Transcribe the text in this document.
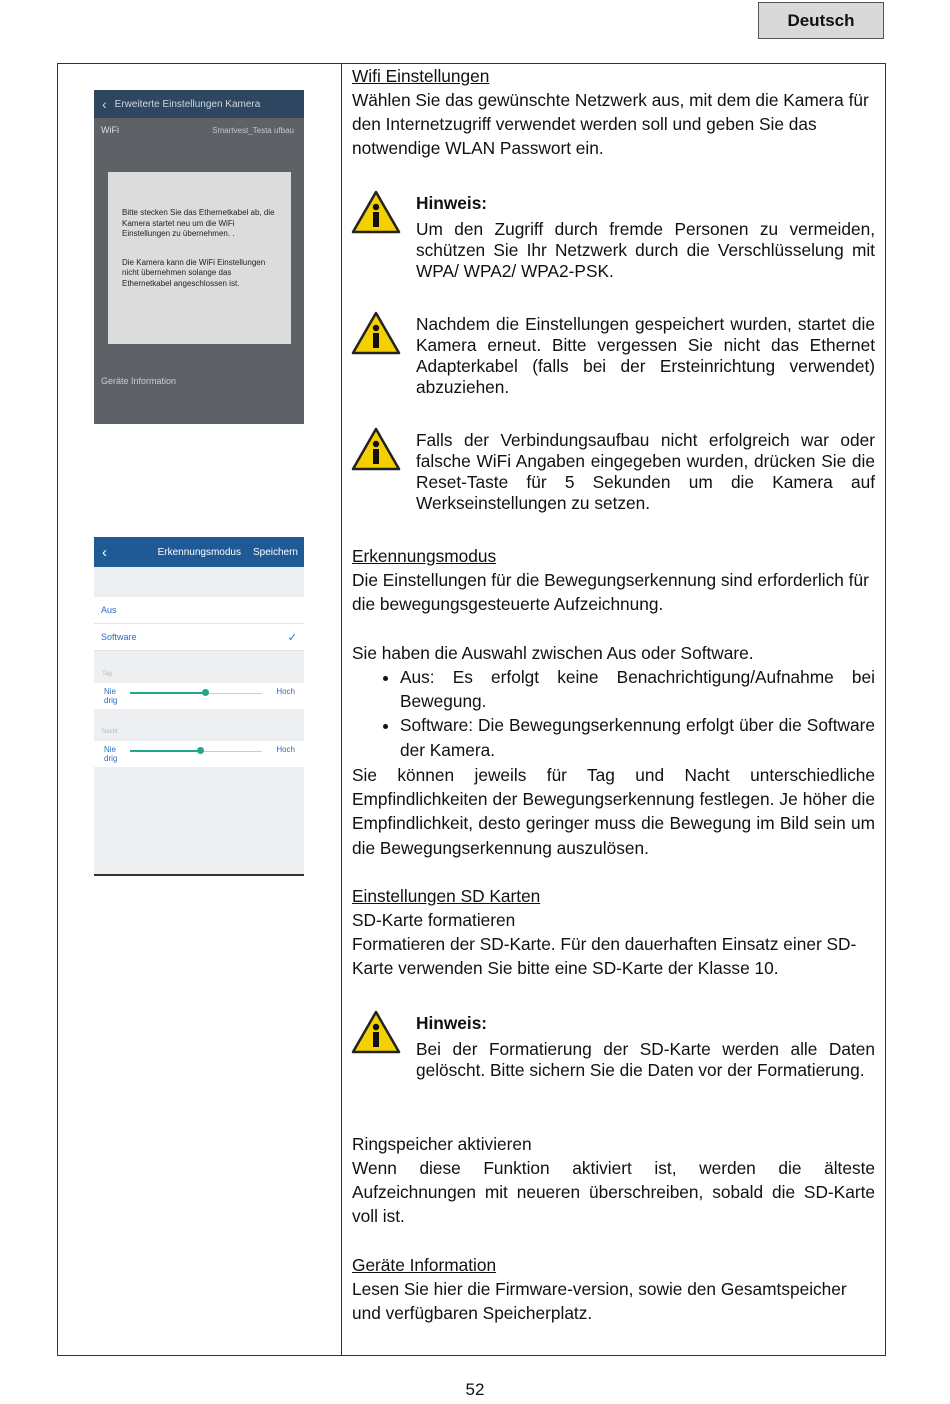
Deutsch
‹ Erweiterte Einstellungen Kamera
WiFi	Smartvest_Testa ufbau

Bitte stecken Sie das Ethernetkabel ab, die Kamera startet neu um die WiFi Einstellungen zu übernehmen. .

Die Kamera kann die WiFi Einstellungen nicht übernehmen solange das Ethernetkabel angeschlossen ist.

Geräte Information
‹	Erkennungsmodus Speichern
Aus
Software	✓
Tag
Nie drig
Hoch
Nacht
Nie drig
Hoch
Wifi Einstellungen
Wählen Sie das gewünschte Netzwerk aus, mit dem die Kamera für den Internetzugriff verwendet werden soll und geben Sie das notwendige WLAN Passwort ein.
Hinweis:
Um den Zugriff durch fremde Personen zu vermeiden, schützen Sie Ihr Netzwerk durch die Verschlüsselung mit WPA/ WPA2/ WPA2-PSK.
Nachdem die Einstellungen gespeichert wurden, startet die Kamera erneut. Bitte vergessen Sie nicht das Ethernet Adapterkabel (falls bei der Ersteinrichtung verwendet) abzuziehen.
Falls der Verbindungsaufbau nicht erfolgreich war oder falsche WiFi Angaben eingegeben wurden, drücken Sie die Reset-Taste für 5 Sekunden um die Kamera auf Werkseinstellungen zu setzen.
Erkennungsmodus
Die Einstellungen für die Bewegungserkennung sind erforderlich für die bewegungsgesteuerte Aufzeichnung.
Sie haben die Auswahl zwischen Aus oder Software.
• Aus: Es erfolgt keine Benachrichtigung/Aufnahme bei Bewegung.
• Software: Die Bewegungserkennung erfolgt über die Software der Kamera.
Sie können jeweils für Tag und Nacht unterschiedliche Empfindlichkeiten der Bewegungserkennung festlegen. Je höher die Empfindlichkeit, desto geringer muss die Bewegung im Bild sein um die Bewegungserkennung auszulösen.
Einstellungen SD Karten
SD-Karte formatieren
Formatieren der SD-Karte. Für den dauerhaften Einsatz einer SD-Karte verwenden Sie bitte eine SD-Karte der Klasse 10.
Hinweis:
Bei der Formatierung der SD-Karte werden alle Daten gelöscht. Bitte sichern Sie die Daten vor der Formatierung.
Ringspeicher aktivieren
Wenn diese Funktion aktiviert ist, werden die älteste Aufzeichnungen mit neueren überschreiben, sobald die SD-Karte voll ist.
Geräte Information
Lesen Sie hier die Firmware-version, sowie den Gesamtspeicher und verfügbaren Speicherplatz.
52
